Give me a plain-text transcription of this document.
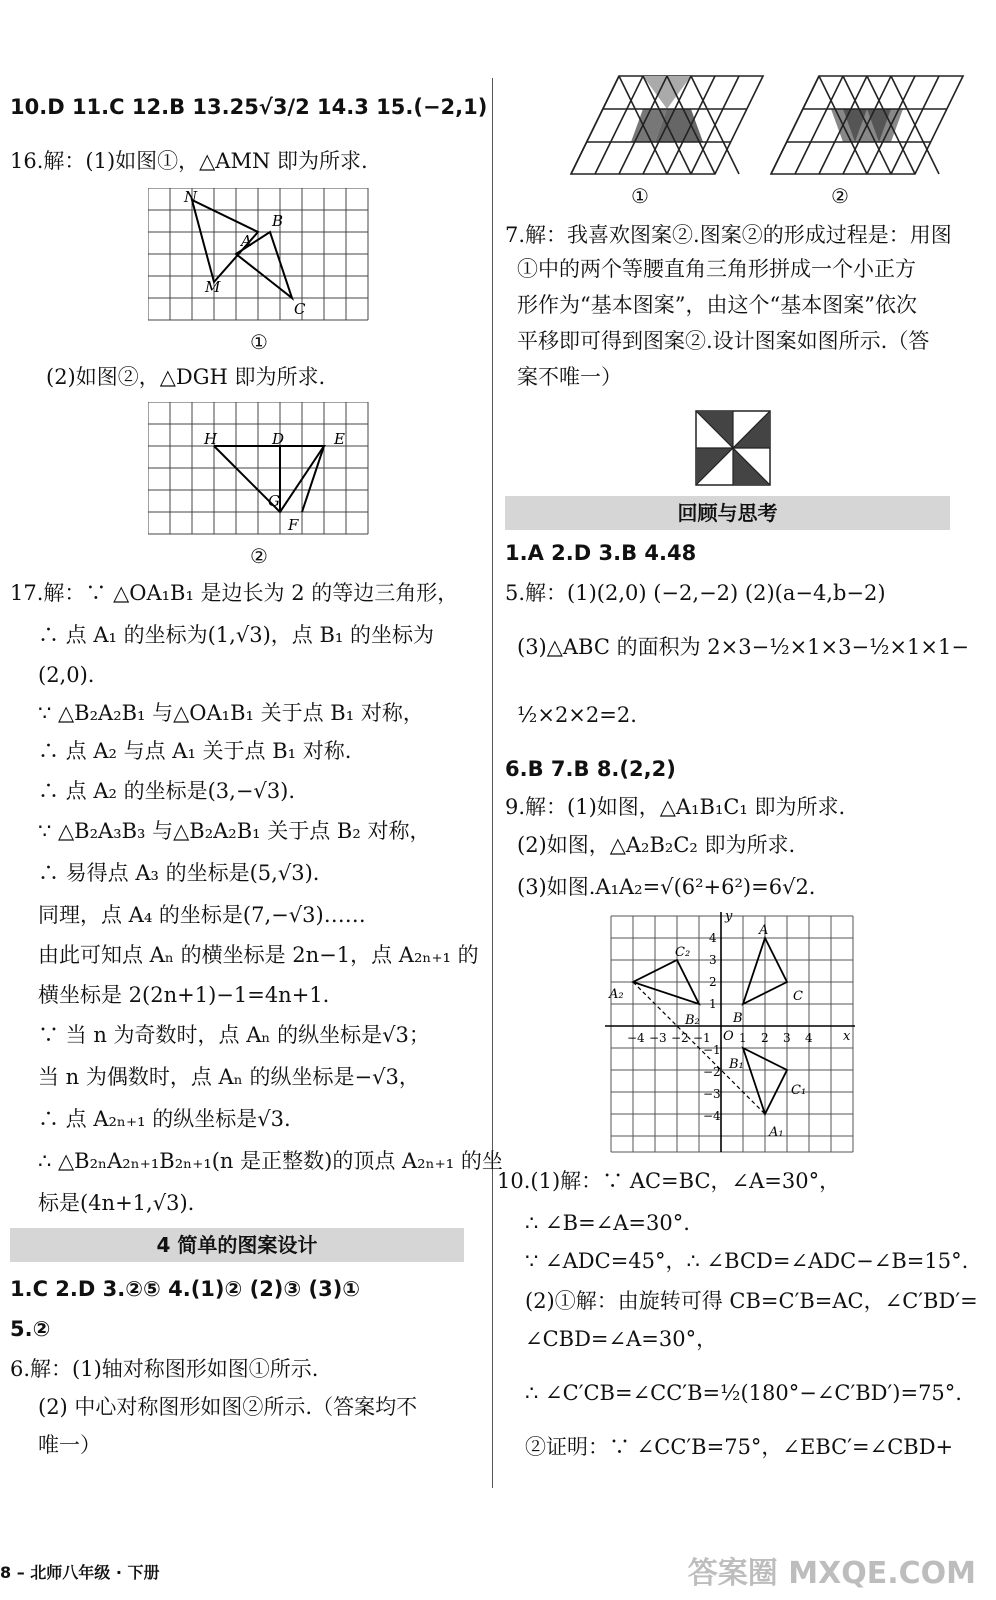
10.D 11.C 12.B 13.25√3/2 14.3 15.(−2,1)
16.解：(1)如图①，△AMN 即为所求.
N
M
A
B
C
①
(2)如图②，△DGH 即为所求.
H	D	E
G
F
②
17.解：∵ △OA₁B₁ 是边长为 2 的等边三角形，
∴ 点 A₁ 的坐标为(1,√3)，点 B₁ 的坐标为
(2,0).
∵ △B₂A₂B₁ 与△OA₁B₁ 关于点 B₁ 对称，
∴ 点 A₂ 与点 A₁ 关于点 B₁ 对称.
∴ 点 A₂ 的坐标是(3,−√3).
∵ △B₂A₃B₃ 与△B₂A₂B₁ 关于点 B₂ 对称，
∴ 易得点 A₃ 的坐标是(5,√3).
同理，点 A₄ 的坐标是(7,−√3)……
由此可知点 Aₙ 的横坐标是 2n−1，点 A₂ₙ₊₁ 的
横坐标是 2(2n+1)−1=4n+1.
∵ 当 n 为奇数时，点 Aₙ 的纵坐标是√3；
当 n 为偶数时，点 Aₙ 的纵坐标是−√3，
∴ 点 A₂ₙ₊₁ 的纵坐标是√3.
∴ △B₂ₙA₂ₙ₊₁B₂ₙ₊₁(n 是正整数)的顶点 A₂ₙ₊₁ 的坐
标是(4n+1,√3).
4 简单的图案设计
1.C 2.D 3.②⑤ 4.(1)② (2)③ (3)①
5.②
6.解：(1)轴对称图形如图①所示.
(2) 中心对称图形如图②所示.（答案均不
唯一）
8 – 北师八年级 · 下册
①	②
7.解：我喜欢图案②.图案②的形成过程是：用图
①中的两个等腰直角三角形拼成一个小正方
形作为“基本图案”，由这个“基本图案”依次
平移即可得到图案②.设计图案如图所示.（答
案不唯一）
回顾与思考
1.A 2.D 3.B 4.48
5.解：(1)(2,0) (−2,−2) (2)(a−4,b−2)
(3)△ABC 的面积为 2×3−½×1×3−½×1×1−
½×2×2=2.
6.B 7.B 8.(2,2)
9.解：(1)如图，△A₁B₁C₁ 即为所求.
(2)如图，△A₂B₂C₂ 即为所求.
(3)如图.A₁A₂=√(6²+6²)=6√2.
y
x
A
B
C
B₁
C₁
A₁
C₂
A₂
B₂
O
−4 −3 −2 −1 1 2 3 4
4
3
2
1
−1
−2
−3
−4
10.(1)解：∵ AC=BC，∠A=30°，
∴ ∠B=∠A=30°.
∵ ∠ADC=45°，∴ ∠BCD=∠ADC−∠B=15°.
(2)①解：由旋转可得 CB=C′B=AC，∠C′BD′=
∠CBD=∠A=30°，
∴ ∠C′CB=∠CC′B=½(180°−∠C′BD′)=75°.
②证明：∵ ∠CC′B=75°，∠EBC′=∠CBD+
答案圈 MXQE.COM
